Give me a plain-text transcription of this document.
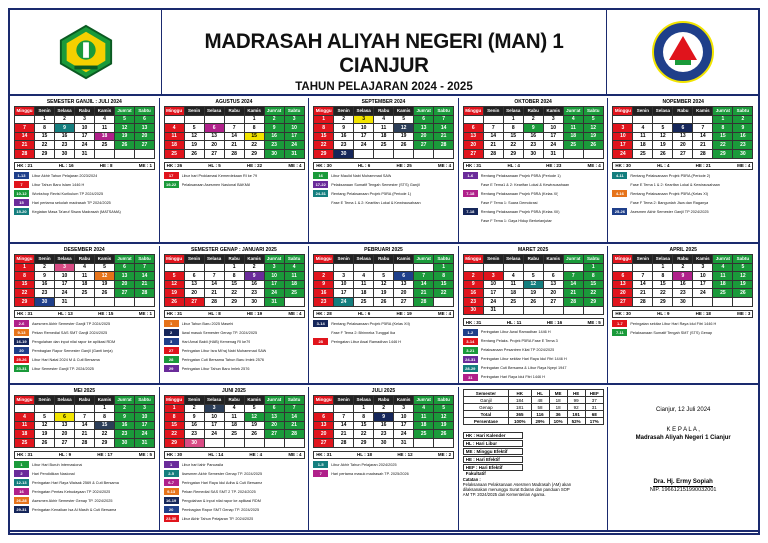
MADRASAH ALIYAH NEGERI (MAN) 1 CIANJUR
TAHUN PELAJARAN 2024 - 2025
SEMESTER GANJIL : JULI 2024
Minggu	Senin	Selasa	Rabu	Kamis	Jum'at	Sabtu
	1	2	3	4	5	6
7	8	9	10	11	12	13
14	15	16	17	18	19	20
21	22	23	24	25	26	27
28	29	30	31			
HK : 21	HL : 16	HE : 8	ME : 1
1-13	Libur Akhir Tahun Pelajaran 2023/2024
7	Libur Tahun Baru Islam 1446 H
10-12	Workshop Revisi Kurikulum TP 2024/2025
15	Hari pertama sekolah madrasah TP 2024/2025
15-20	Kegiatan Masa Ta'aruf Siswa Madrasah (MATSAMA)
AGUSTUS 2024
Minggu	Senin	Selasa	Rabu	Kamis	Jum'at	Sabtu
				1	2	3
4	5	6	7	8	9	10
11	12	13	14	15	16	17
18	19	20	21	22	23	24
25	26	27	28	29	30	31
HK : 26	HL : 5	HE : 22	ME : 4
17	Libur hari Proklamasi Kemerdekaan RI ke 79
19-22	Pelaksanaan Asesmen Nasional BAKMA
SEPTEMBER 2024
Minggu	Senin	Selasa	Rabu	Kamis	Jum'at	Sabtu
1	2	3	4	5	6	7
8	9	10	11	12	13	14
15	16	17	18	19	20	21
22	23	24	25	26	27	28
29	30					
HK : 30	HL : 6	HE : 25	ME : 4
16	Libur Maulid Nabi Muhammad SAW
17-22	Pelaksanaan Sumatif Tengah Semester (STS) Ganjil
24-31	Rentang Pelaksanaan Projek P5RA (Periode 1)
Fase E Tema 1 & 2: Kearifan Lokal & Kewirausahaan
OKTOBER 2024
Minggu	Senin	Selasa	Rabu	Kamis	Jum'at	Sabtu
		1	2	3	4	5
6	7	8	9	10	11	12
13	14	15	16	17	18	19
20	21	22	23	24	25	26
27	28	29	30	31		
HK : 31	HL : 4	HE : 23	ME : 4
1-6	Rentang Pelaksanaan Projek P5RA (Periode 1)
Fase E Tema1 & 2: Kearifan Lokal & Kewirausahaan
7-18	Rentang Pelaksanaan Projek P5RA (Kelas XI)
Fase F Tema 1: Suara Demokrasi
7-18	Rentang Pelaksanaan Projek P5RA (Kelas XII)
Fase F Tema 1: Gaya Hidup Berkelanjutan
NOPEMBER 2024
Minggu	Senin	Selasa	Rabu	Kamis	Jum'at	Sabtu
					1	2
3	4	5	6	7	8	9
10	11	12	13	14	15	16
17	18	19	20	21	22	23
24	25	26	27	28	29	30
HK : 30	HL : 4	HE : 21	ME : 4
4-11	Rentang Pelaksanaan Projek P5RA (Periode 2)
Fase E Tema 1 & 2: Kearifan Lokal & Kewirausahaan
4-16	Rentang Pelaksanaan Projek P5RA (Kelas XI)
Fase F Tema 2: Bangunlah Jiwa dan Raganya
25-26	Asesmen Akhir Semester Ganjil TP 2024/2025
DESEMBER 2024
Minggu	Senin	Selasa	Rabu	Kamis	Jum'at	Sabtu
1	2	3	4	5	6	7
8	9	10	11	12	13	14
15	16	17	18	19	20	21
22	23	24	25	26	27	28
29	30	31				
HK : 31	HL : 13	HE : 15	ME : 1
2-6	Asesmen Akhir Semester Ganjil TP 2024/2025
9-13	Pekan Remedial SAS SMT Ganjil 2024/2025
16-19	Pengolahan dan input nilai rapor ke aplikasi RDM
20	Pembagian Rapor Semester Ganjil (Ganti kerja)
25-26	Libur Hari Natal 2024 M & Cuti Bersama
23-31	Libur Semester Ganjil TP. 2024/2025
SEMESTER GENAP : JANUARI 2025
Minggu	Senin	Selasa	Rabu	Kamis	Jum'at	Sabtu
			1	2	3	4
5	6	7	8	9	10	11
12	13	14	15	16	17	18
19	20	21	22	23	24	25
26	27	28	29	30	31	
HK : 31	HL : 8	HE : 19	ME : 4
1	Libur Tahun Baru 2025 Masehi
2	Awal masuk Semester Genap TP. 2024/2025
3	Hari Amal Bakti (HAB) Kemenag RI ke79
27	Peringatan Libur Isra Mi'raj Nabi Muhammad SAW
28	Peringatan Cuti Bersama Tahun Baru Imlek 2576
29	Peringatan Libur Tahun Baru Imlek 2576
PEBRUARI 2025
Minggu	Senin	Selasa	Rabu	Kamis	Jum'at	Sabtu
						1
2	3	4	5	6	7	8
9	10	11	12	13	14	15
16	17	18	19	20	21	22
23	24	25	26	27	28	
HK : 28	HL : 6	HE : 19	ME : 4
3-14	Rentang Pelaksanaan Projek P5RA (Kelas XII)
Fase F Tema 2: Bhinneka Tunggal Ika
28	Peringatan Libur Awal Ramadhan 1446 H
MARET 2025
Minggu	Senin	Selasa	Rabu	Kamis	Jum'at	Sabtu
						1
2	3	4	5	6	7	8
9	10	11	12	13	14	15
16	17	18	19	20	21	22
23	24	25	26	27	28	29
30	31					
HK : 31	HL : 11	HE : 16	ME : 5
1-2	Peringatan Libur Awal Ramadhan 1446 H
3-14	Rentang Pelaks. Projek P5RA Fase E Tema 3
3-21	Pelaksanaan Pesantren Kilat TP 2024/2025
24-31	Peringatan Libur sekitar Hari Raya Idul Fitri 1446 H
28-29	Peringatan Cuti Bersama & Libur Raya Nyepi 1947
31	Peringatan Hari Raya Idul Fitri 1446 H
APRIL 2025
Minggu	Senin	Selasa	Rabu	Kamis	Jum'at	Sabtu
		1	2	3	4	5
6	7	8	9	10	11	12
13	14	15	16	17	18	19
20	21	22	23	24	25	26
27	28	29	30			
HK : 30	HL : 9	HE : 18	ME : 3
1-7	Peringatan sekitar Libur Hari Raya Idul Fitri 1446 H
7-11	Pelaksanaan Sumatif Tengah SMT (STS) Genap
MEI 2025
Minggu	Senin	Selasa	Rabu	Kamis	Jum'at	Sabtu
				1	2	3
4	5	6	7	8	9	10
11	12	13	14	15	16	17
18	19	20	21	22	23	24
25	26	27	28	29	30	31
HK : 31	HL : 9	HE : 17	ME : 5
1	Libur Hari Buruh Internasional
2	Hari Pendidikan Nasional
12-13	Peringatan Hari Raya Waisak 2569 & Cuti Bersama
16	Peringatan Pentas Kebudayaan TP 2024/2025
26-28	Asesmen Akhir Semester Genap TP. 2024/2025
29-31	Peringatan Kenaikan Isa Al Masih & Cuti Bersama
JUNI 2025
Minggu	Senin	Selasa	Rabu	Kamis	Jum'at	Sabtu
1	2	3	4	5	6	7
8	9	10	11	12	13	14
15	16	17	18	19	20	21
22	23	24	25	26	27	28
29	30					
HK : 30	HL : 14	HE : 4	ME : 4
1	Libur hari lahir Pancasila
2-5	Asesmen Akhir Semester Genap TP. 2024/2025
6-7	Peringatan Hari Raya Idul Adha & Cuti Bersama
9-13	Pekan Remedial SAS SMT 2 TP. 2024/2025
16-19	Pengolahan & input nilai rapor ke aplikasi RDM
20	Pembagian Rapor SMT Genap TP. 2024/2025
23-30	Libur Akhir Tahun Pelajaran TP. 2024/2025
JULI 2025
Minggu	Senin	Selasa	Rabu	Kamis	Jum'at	Sabtu
		1	2	3	4	5
6	7	8	9	10	11	12
13	14	15	16	17	18	19
20	21	22	23	24	25	26
27	28	29	30	31		
HK : 31	HL : 18	HE : 12	ME : 2
1-5	Libur Akhir Tahun Pelajaran 2024/2025
7	Hari pertama masuk madrasah TP. 2025/2026
Semester	HK	HL	ME	HE	HEF
Ganjil	184	48	18	99	37
Genap	181	58	18	92	31
Total	365	116	36	191	68
Persentase	100%	29%	10%	52%	17%
HK : Hari Kalender
HL : Hari Libur
ME : Minggu Efektif
HE : Hari Efektif
HEF : Hari Efektif Fakultatif
Catatan :
Pelaksanaan Pelaksanaan Asesmen Madrasah (AM) akan
dilaksanakan menunggu Surat Edaran dan panduan SOP
AM TP. 2024/2025 dari Kementerian Agama.
Cianjur, 12 Juli 2024
K E P A L A ,
Madrasah Aliyah Negeri 1 Cianjur
Dra. Hj. Ermy Sopiah
NIP. 196612151990032001
